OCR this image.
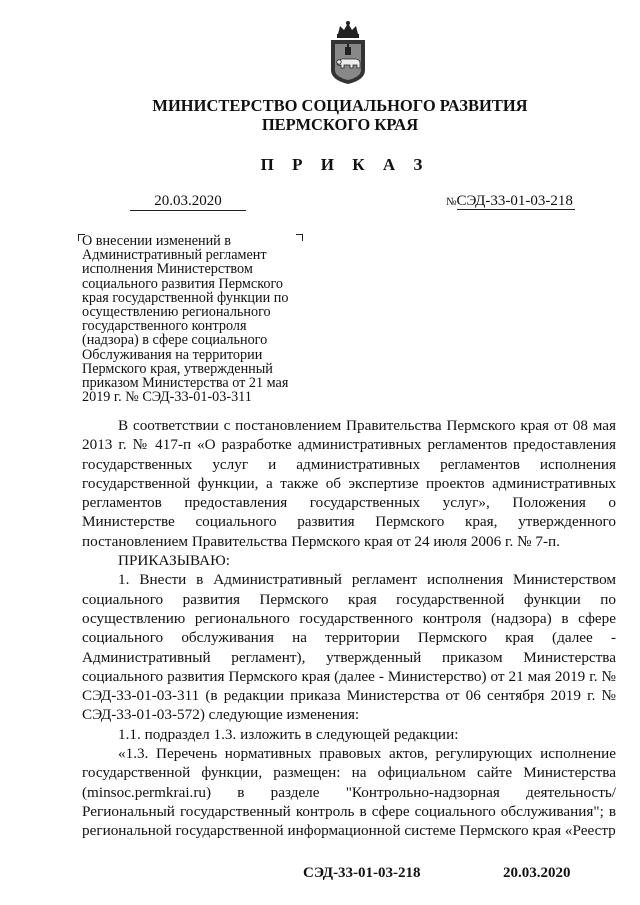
МИНИСТЕРСТВО СОЦИАЛЬНОГО РАЗВИТИЯ
ПЕРМСКОГО КРАЯ
П Р И К А З
20.03.2020	№СЭД-33-01-03-218
О внесении изменений в Административный регламент исполнения Министерством социального развития Пермского края государственной функции по осуществлению регионального государственного контроля (надзора) в сфере социального Обслуживания на территории Пермского края, утвержденный приказом Министерства от 21 мая 2019 г. № СЭД-33-01-03-311

В соответствии с постановлением Правительства Пермского края от 08 мая 2013 г. № 417-п «О разработке административных регламентов предоставления государственных услуг и административных регламентов исполнения государственной функции, а также об экспертизе проектов административных регламентов предоставления государственных услуг», Положения о Министерстве социального развития Пермского края, утвержденного постановлением Правительства Пермского края от 24 июля 2006 г. № 7-п.

ПРИКАЗЫВАЮ:

1. Внести в Административный регламент исполнения Министерством социального развития Пермского края государственной функции по осуществлению регионального государственного контроля (надзора) в сфере социального обслуживания на территории Пермского края (далее - Административный регламент), утвержденный приказом Министерства социального развития Пермского края (далее - Министерство) от 21 мая 2019 г. № СЭД-33-01-03-311 (в редакции приказа Министерства от 06 сентября 2019 г. № СЭД-33-01-03-572) следующие изменения:

1.1. подраздел 1.3. изложить в следующей редакции:

«1.3. Перечень нормативных правовых актов, регулирующих исполнение государственной функции, размещен: на официальном сайте Министерства (minsoc.permkrai.ru) в разделе "Контрольно-надзорная деятельность/Региональный государственный контроль в сфере социального обслуживания"; в региональной государственной информационной системе Пермского края «Реестр

СЭД-33-01-03-218	20.03.2020
